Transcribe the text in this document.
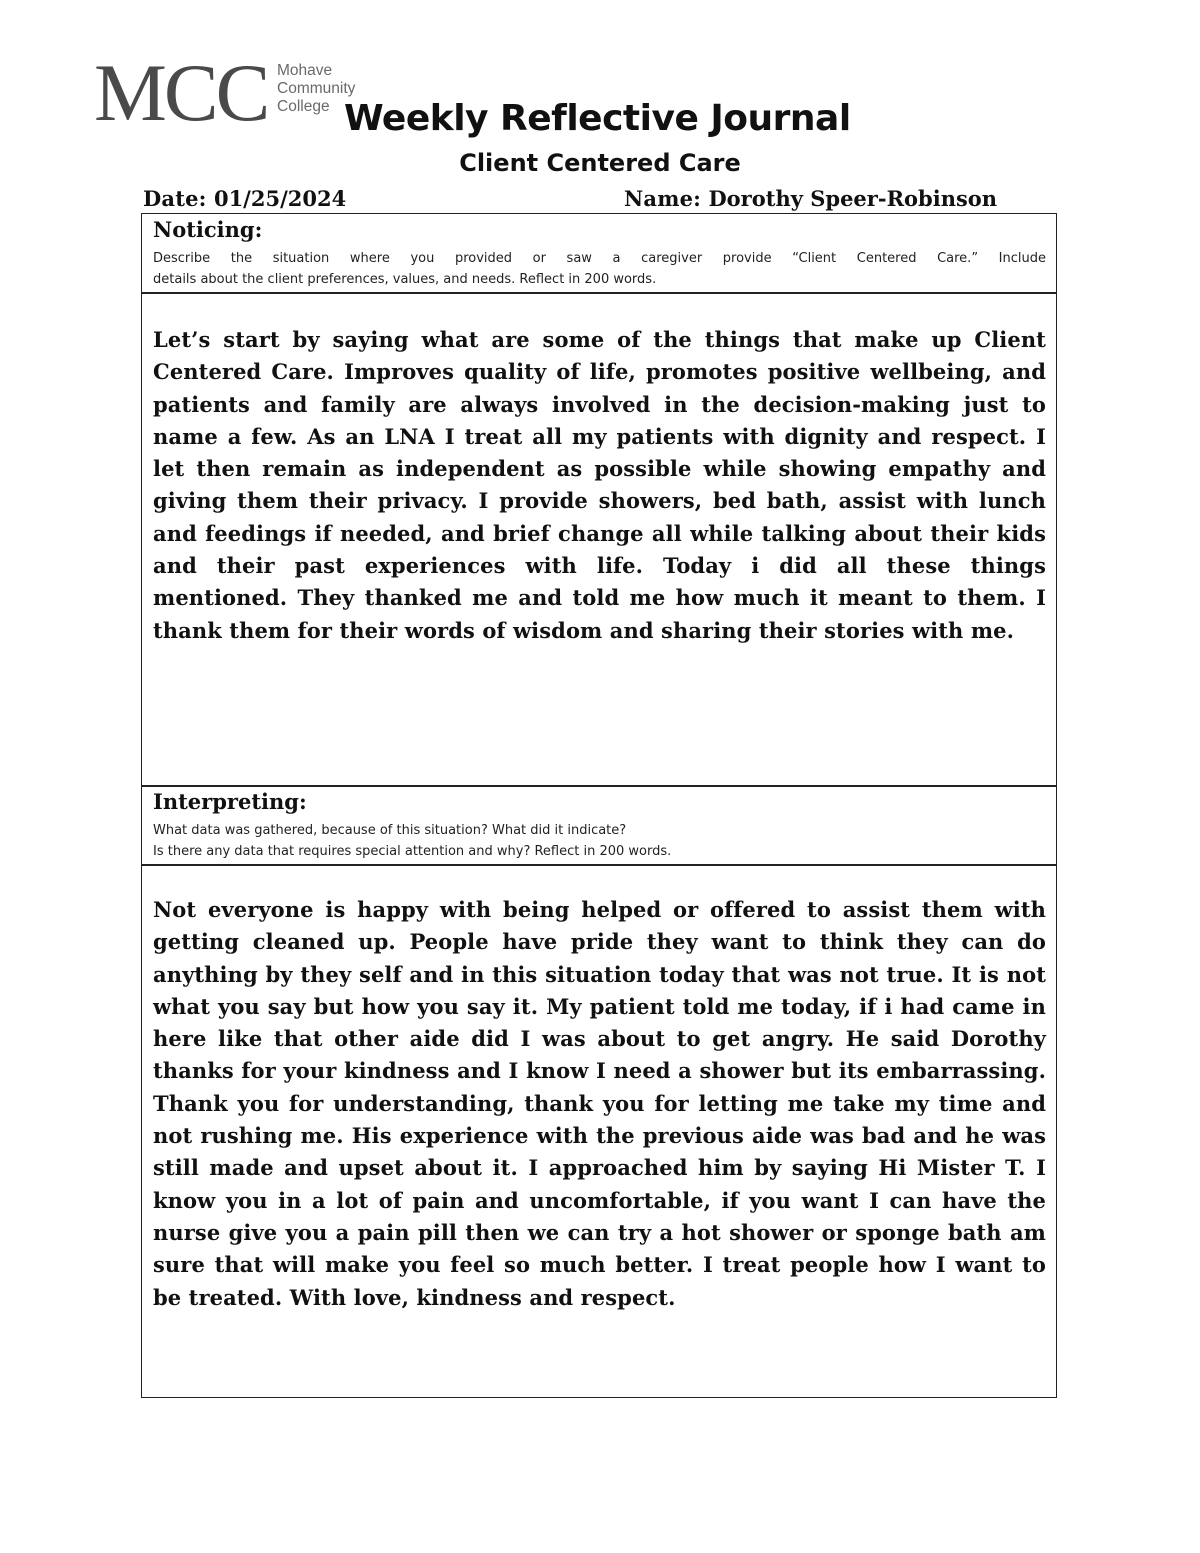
MCC Mohave
Community
College Weekly Reflective Journal
Client Centered Care
Date: 01/25/2024	Name: Dorothy Speer-Robinson
Noticing:
Describe the situation where you provided or saw a caregiver provide “Client Centered Care.” Include
details about the client preferences, values, and needs. Reflect in 200 words.
Let’s start by saying what are some of the things that make up Client Centered Care. Improves quality of life, promotes positive wellbeing, and patients and family are always involved in the decision-making just to name a few. As an LNA I treat all my patients with dignity and respect. I let then remain as independent as possible while showing empathy and giving them their privacy. I provide showers, bed bath, assist with lunch and feedings if needed, and brief change all while talking about their kids and their past experiences with life. Today i did all these things mentioned. They thanked me and told me how much it meant to them. I thank them for their words of wisdom and sharing their stories with me.
Interpreting:
What data was gathered, because of this situation? What did it indicate?
Is there any data that requires special attention and why? Reflect in 200 words.
Not everyone is happy with being helped or offered to assist them with getting cleaned up. People have pride they want to think they can do anything by they self and in this situation today that was not true. It is not what you say but how you say it. My patient told me today, if i had came in here like that other aide did I was about to get angry. He said Dorothy thanks for your kindness and I know I need a shower but its embarrassing. Thank you for understanding, thank you for letting me take my time and not rushing me. His experience with the previous aide was bad and he was still made and upset about it. I approached him by saying Hi Mister T. I know you in a lot of pain and uncomfortable, if you want I can have the nurse give you a pain pill then we can try a hot shower or sponge bath am sure that will make you feel so much better. I treat people how I want to be treated. With love, kindness and respect.
